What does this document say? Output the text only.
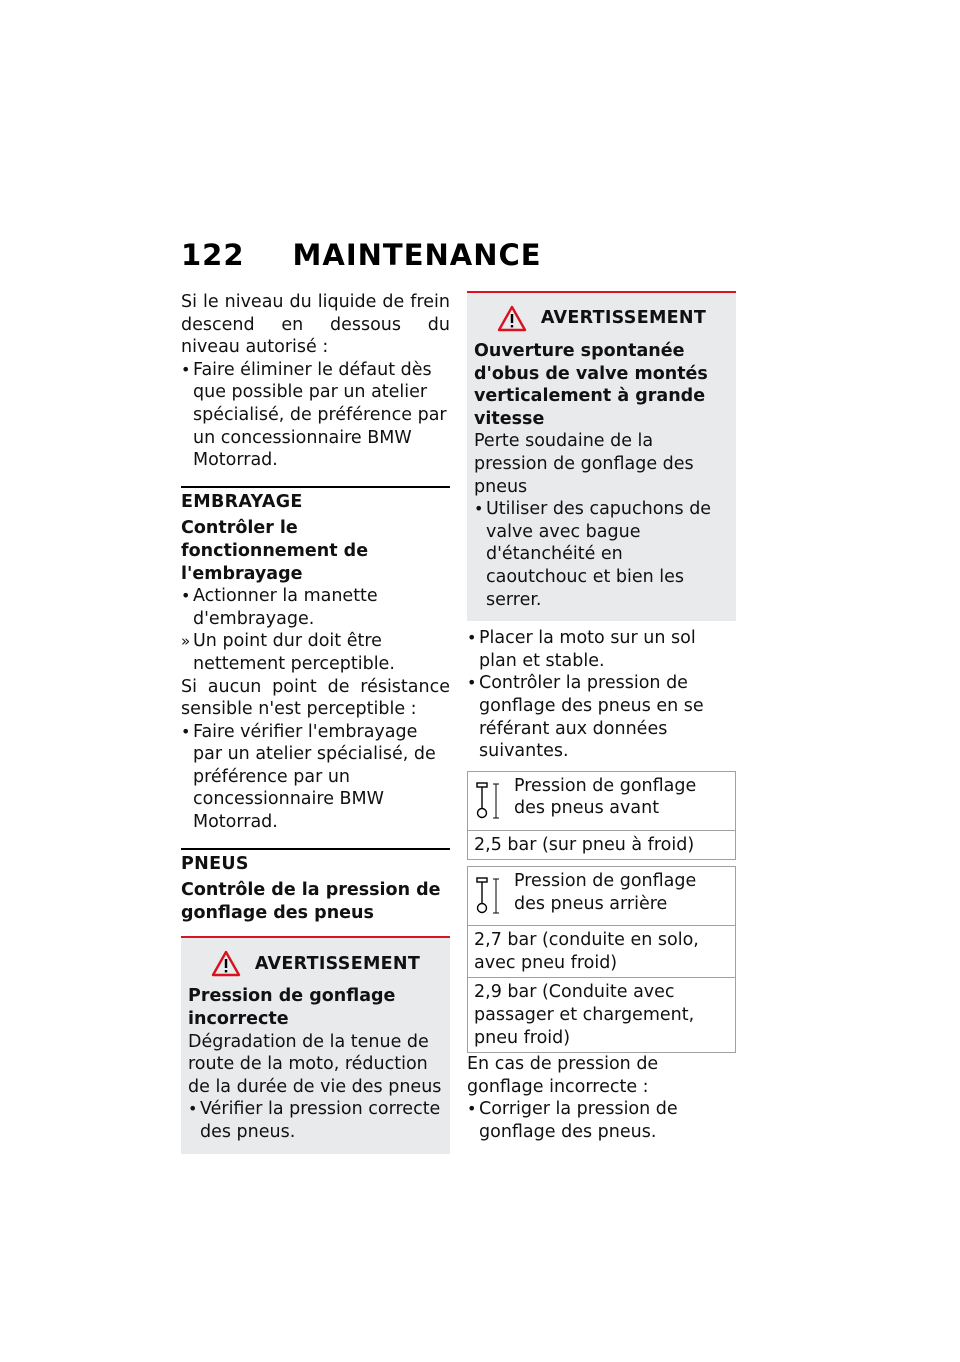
122 MAINTENANCE

Si le niveau du liquide de frein descend en dessous du niveau autorisé :

• Faire éliminer le défaut dès que possible par un atelier spécialisé, de préférence par un concessionnaire BMW Motorrad.
EMBRAYAGE

Contrôler le fonctionnement de l'embrayage

• Actionner la manette d'embrayage.
» Un point dur doit être nettement perceptible.

Si aucun point de résistance sensible n'est perceptible :

• Faire vérifier l'embrayage par un atelier spécialisé, de préférence par un concessionnaire BMW Motorrad.
PNEUS

Contrôle de la pression de gonflage des pneus

AVERTISSEMENT

Pression de gonflage incorrecte

Dégradation de la tenue de route de la moto, réduction de la durée de vie des pneus

• Vérifier la pression correcte des pneus.
AVERTISSEMENT

Ouverture spontanée d'obus de valve montés verticalement à grande vitesse

Perte soudaine de la pression de gonflage des pneus

• Utiliser des capuchons de valve avec bague d'étanchéité en caoutchouc et bien les serrer.
• Placer la moto sur un sol plan et stable.
• Contrôler la pression de gonflage des pneus en se référant aux données suivantes.
Pression de gonflage des pneus avant
2,5 bar (sur pneu à froid)
Pression de gonflage des pneus arrière
2,7 bar (conduite en solo, avec pneu froid)
2,9 bar (Conduite avec passager et chargement, pneu froid)

En cas de pression de gonflage incorrecte :

• Corriger la pression de gonflage des pneus.
